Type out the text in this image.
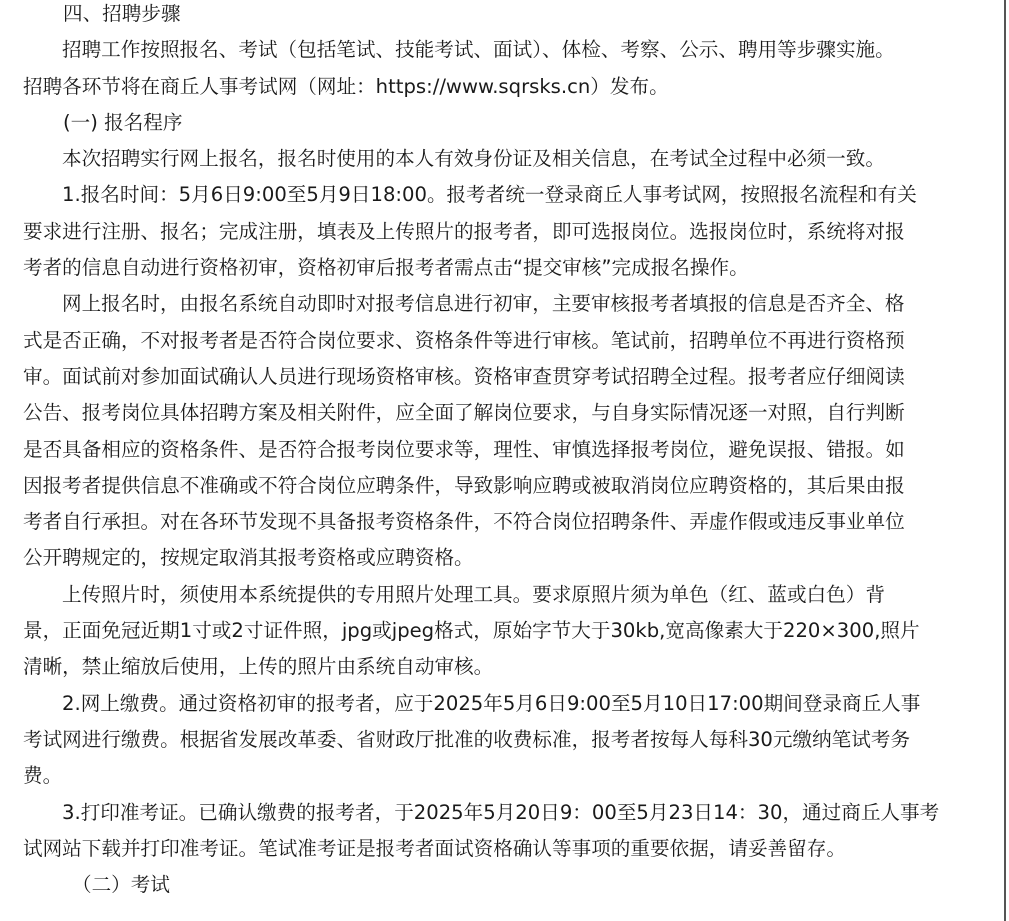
四、招聘步骤
招聘工作按照报名、考试（包括笔试、技能考试、面试）、体检、考察、公示、聘用等步骤实施。
招聘各环节将在商丘人事考试网（网址：https://www.sqrsks.cn）发布。
(一) 报名程序
本次招聘实行网上报名，报名时使用的本人有效身份证及相关信息，在考试全过程中必须一致。
1.报名时间：5月6日9:00至5月9日18:00。报考者统一登录商丘人事考试网，按照报名流程和有关
要求进行注册、报名；完成注册，填表及上传照片的报考者，即可选报岗位。选报岗位时，系统将对报
考者的信息自动进行资格初审，资格初审后报考者需点击“提交审核”完成报名操作。
网上报名时，由报名系统自动即时对报考信息进行初审，主要审核报考者填报的信息是否齐全、格
式是否正确，不对报考者是否符合岗位要求、资格条件等进行审核。笔试前，招聘单位不再进行资格预
审。面试前对参加面试确认人员进行现场资格审核。资格审查贯穿考试招聘全过程。报考者应仔细阅读
公告、报考岗位具体招聘方案及相关附件，应全面了解岗位要求，与自身实际情况逐一对照，自行判断
是否具备相应的资格条件、是否符合报考岗位要求等，理性、审慎选择报考岗位，避免误报、错报。如
因报考者提供信息不准确或不符合岗位应聘条件，导致影响应聘或被取消岗位应聘资格的，其后果由报
考者自行承担。对在各环节发现不具备报考资格条件，不符合岗位招聘条件、弄虚作假或违反事业单位
公开聘规定的，按规定取消其报考资格或应聘资格。
上传照片时，须使用本系统提供的专用照片处理工具。要求原照片须为单色（红、蓝或白色）背
景，正面免冠近期1寸或2寸证件照，jpg或jpeg格式，原始字节大于30kb,宽高像素大于220×300,照片
清晰，禁止缩放后使用，上传的照片由系统自动审核。
2.网上缴费。通过资格初审的报考者，应于2025年5月6日9:00至5月10日17:00期间登录商丘人事
考试网进行缴费。根据省发展改革委、省财政厅批准的收费标准，报考者按每人每科30元缴纳笔试考务
费。
3.打印准考证。已确认缴费的报考者，于2025年5月20日9：00至5月23日14：30，通过商丘人事考
试网站下载并打印准考证。笔试准考证是报考者面试资格确认等事项的重要依据，请妥善留存。
（二）考试
